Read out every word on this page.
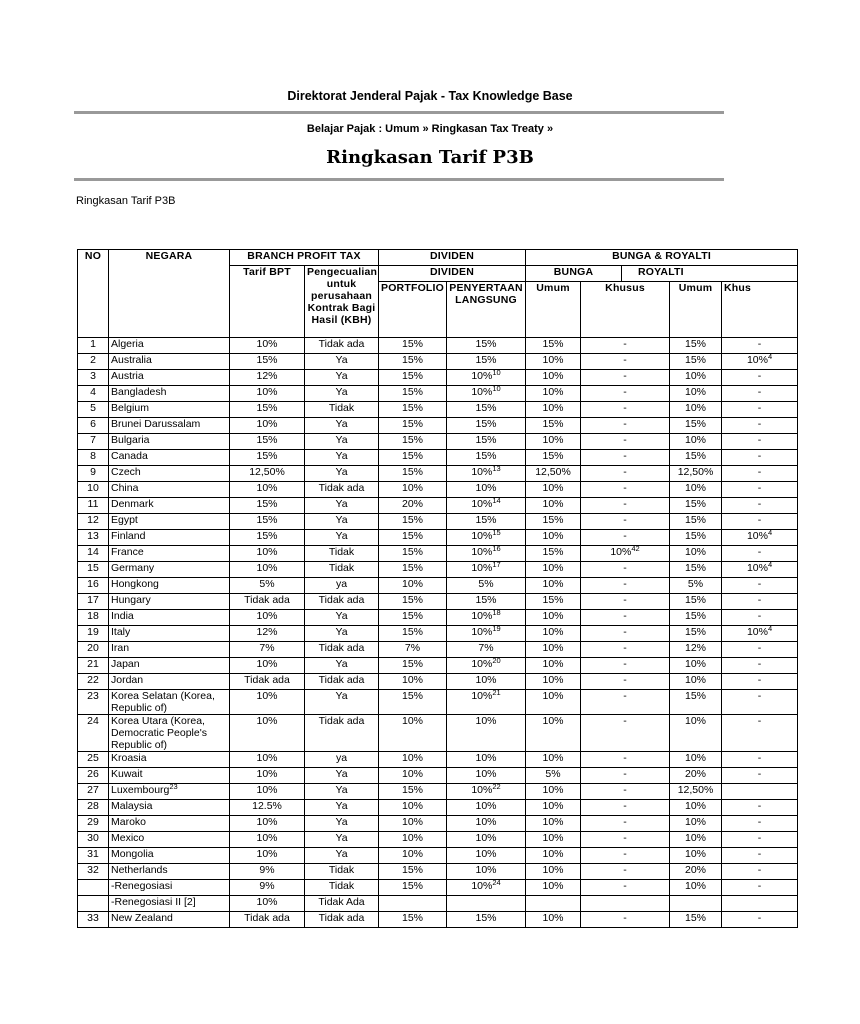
Direktorat Jenderal Pajak - Tax Knowledge Base
Belajar Pajak : Umum » Ringkasan Tax Treaty »
Ringkasan Tarif P3B
Ringkasan Tarif P3B
NO	NEGARA	BRANCH PROFIT TAX		DIVIDEN		BUNGA & ROYALTI				
		Tarif BPT	Pengecualian untuk perusahaan Kontrak Bagi Hasil (KBH)	DIVIDEN		BUNGA		ROYALTI		
				PORTFOLIO	PENYERTAAN LANGSUNG	Umum	Khusus		Umum	Khus
1	Algeria	10%	Tidak ada	15%	15%	15%	-		15%	-
2	Australia	15%	Ya	15%	15%	10%	-		15%	10%$^4$
3	Austria	12%	Ya	15%	10%$^{10}$	10%	-		10%	-
4	Bangladesh	10%	Ya	15%	10%$^{10}$	10%	-		10%	-
5	Belgium	15%	Tidak	15%	15%	10%	-		10%	-
6	Brunei Darussalam	10%	Ya	15%	15%	15%	-		15%	-
7	Bulgaria	15%	Ya	15%	15%	10%	-		10%	-
8	Canada	15%	Ya	15%	15%	15%	-		15%	-
9	Czech	12,50%	Ya	15%	10%$^{13}$	12,50%	-		12,50%	-
10	China	10%	Tidak ada	10%	10%	10%	-		10%	-
11	Denmark	15%	Ya	20%	10%$^{14}$	10%	-		15%	-
12	Egypt	15%	Ya	15%	15%	15%	-		15%	-
13	Finland	15%	Ya	15%	10%$^{15}$	10%	-		15%	10%$^4$
14	France	10%	Tidak	15%	10%$^{16}$	15%	10%$^{42}$		10%	-
15	Germany	10%	Tidak	15%	10%$^{17}$	10%	-		15%	10%$^4$
16	Hongkong	5%	ya	10%	5%	10%	-		5%	-
17	Hungary	Tidak ada	Tidak ada	15%	15%	15%	-		15%	-
18	India	10%	Ya	15%	10%$^{18}$	10%	-		15%	-
19	Italy	12%	Ya	15%	10%$^{19}$	10%	-		15%	10%$^4$
20	Iran	7%	Tidak ada	7%	7%	10%	-		12%	-
21	Japan	10%	Ya	15%	10%$^{20}$	10%	-		10%	-
22	Jordan	Tidak ada	Tidak ada	10%	10%	10%	-		10%	-
23	Korea Selatan (Korea, Republic of)	10%	Ya	15%	10%$^{21}$	10%	-		15%	-
24	Korea Utara (Korea, Democratic People's Republic of)	10%	Tidak ada	10%	10%	10%	-		10%	-
25	Kroasia	10%	ya	10%	10%	10%	-		10%	-
26	Kuwait	10%	Ya	10%	10%	5%	-		20%	-
27	Luxembourg$^{23}$	10%	Ya	15%	10%$^{22}$	10%	-		12,50%	
28	Malaysia	12.5%	Ya	10%	10%	10%	-		10%	-
29	Maroko	10%	Ya	10%	10%	10%	-		10%	-
30	Mexico	10%	Ya	10%	10%	10%	-		10%	-
31	Mongolia	10%	Ya	10%	10%	10%	-		10%	-
32	Netherlands	9%	Tidak	15%	10%	10%	-		20%	-
	-Renegosiasi	9%	Tidak	15%	10%$^{24}$	10%	-		10%	-
	-Renegosiasi II [2]	10%	Tidak Ada							
33	New Zealand	Tidak ada	Tidak ada	15%	15%	10%	-		15%	-
